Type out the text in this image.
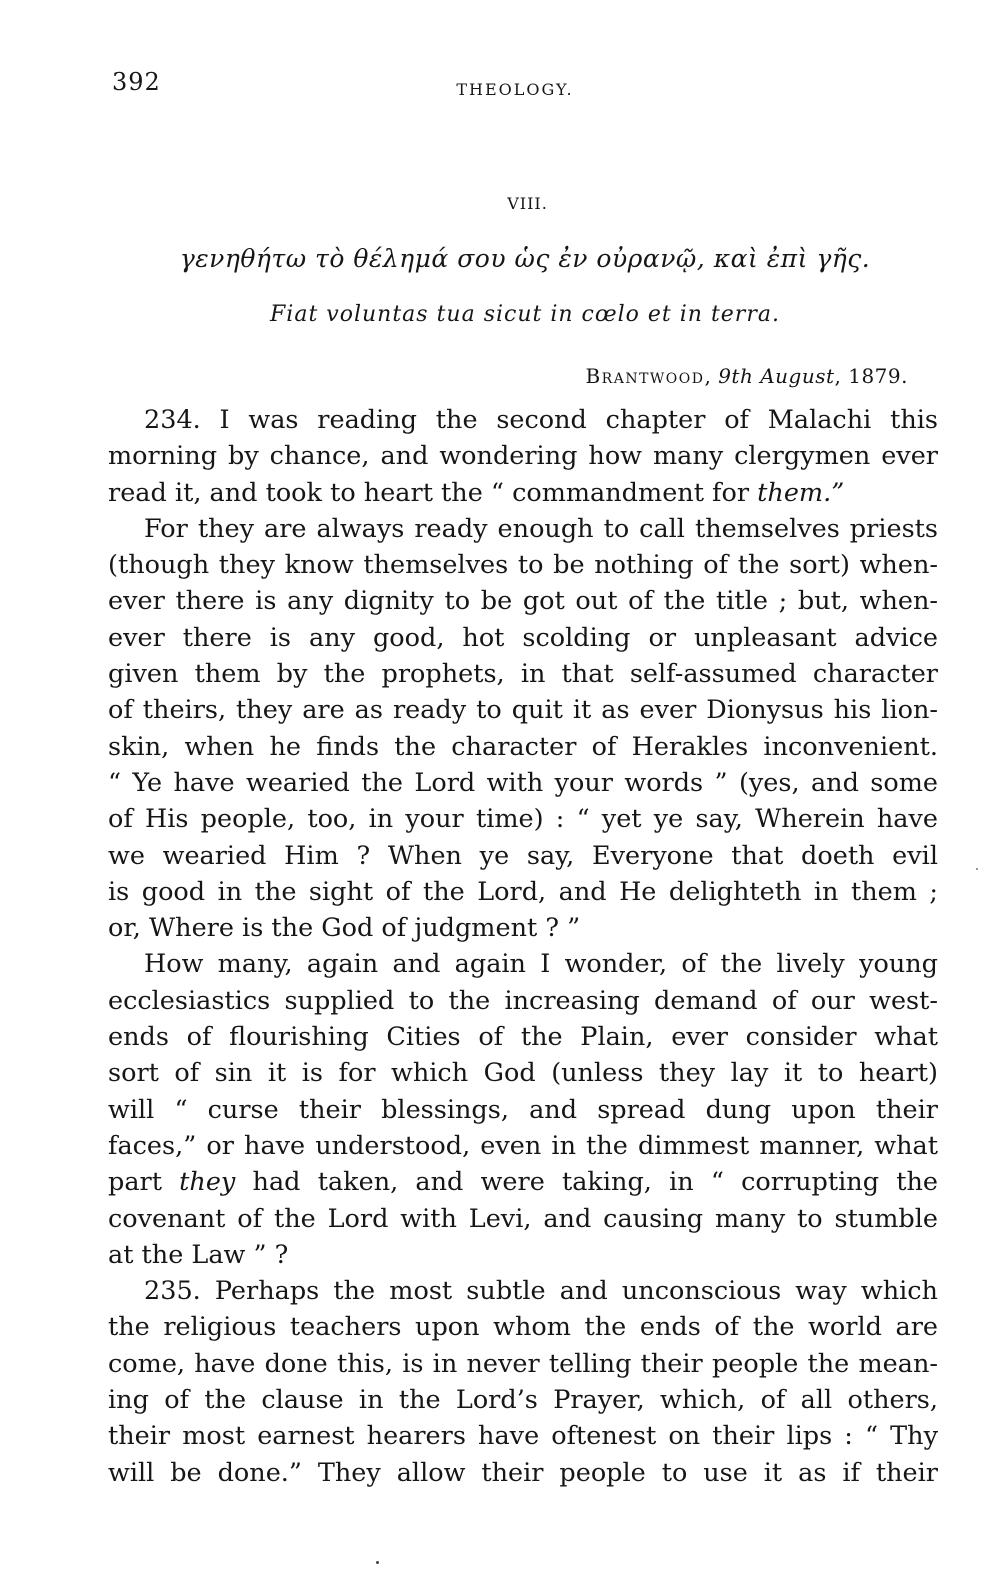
392	THEOLOGY.
VIII.
γενηθήτω τὸ θέλημά σου ὡς ἐν οὐρανῷ, καὶ ἐπὶ γῆς.
Fiat voluntas tua sicut in cœlo et in terra.
Brantwood, 9th August, 1879.

234. I was reading the second chapter of Malachi this
morning by chance, and wondering how many clergymen ever
read it, and took to heart the “ commandment for them.”

For they are always ready enough to call themselves priests
(though they know themselves to be nothing of the sort) when-
ever there is any dignity to be got out of the title ; but, when-
ever there is any good, hot scolding or unpleasant advice
given them by the prophets, in that self-assumed character
of theirs, they are as ready to quit it as ever Dionysus his lion-
skin, when he finds the character of Herakles inconvenient.
“ Ye have wearied the Lord with your words ” (yes, and some
of His people, too, in your time) : “ yet ye say, Wherein have
we wearied Him ? When ye say, Everyone that doeth evil
is good in the sight of the Lord, and He delighteth in them ;
or, Where is the God of judgment ? ”

How many, again and again I wonder, of the lively young
ecclesiastics supplied to the increasing demand of our west-
ends of flourishing Cities of the Plain, ever consider what
sort of sin it is for which God (unless they lay it to heart)
will “ curse their blessings, and spread dung upon their
faces,” or have understood, even in the dimmest manner, what
part they had taken, and were taking, in “ corrupting the
covenant of the Lord with Levi, and causing many to stumble
at the Law ” ?

235. Perhaps the most subtle and unconscious way which
the religious teachers upon whom the ends of the world are
come, have done this, is in never telling their people the mean-
ing of the clause in the Lord’s Prayer, which, of all others,
their most earnest hearers have oftenest on their lips : “ Thy
will be done.” They allow their people to use it as if their
